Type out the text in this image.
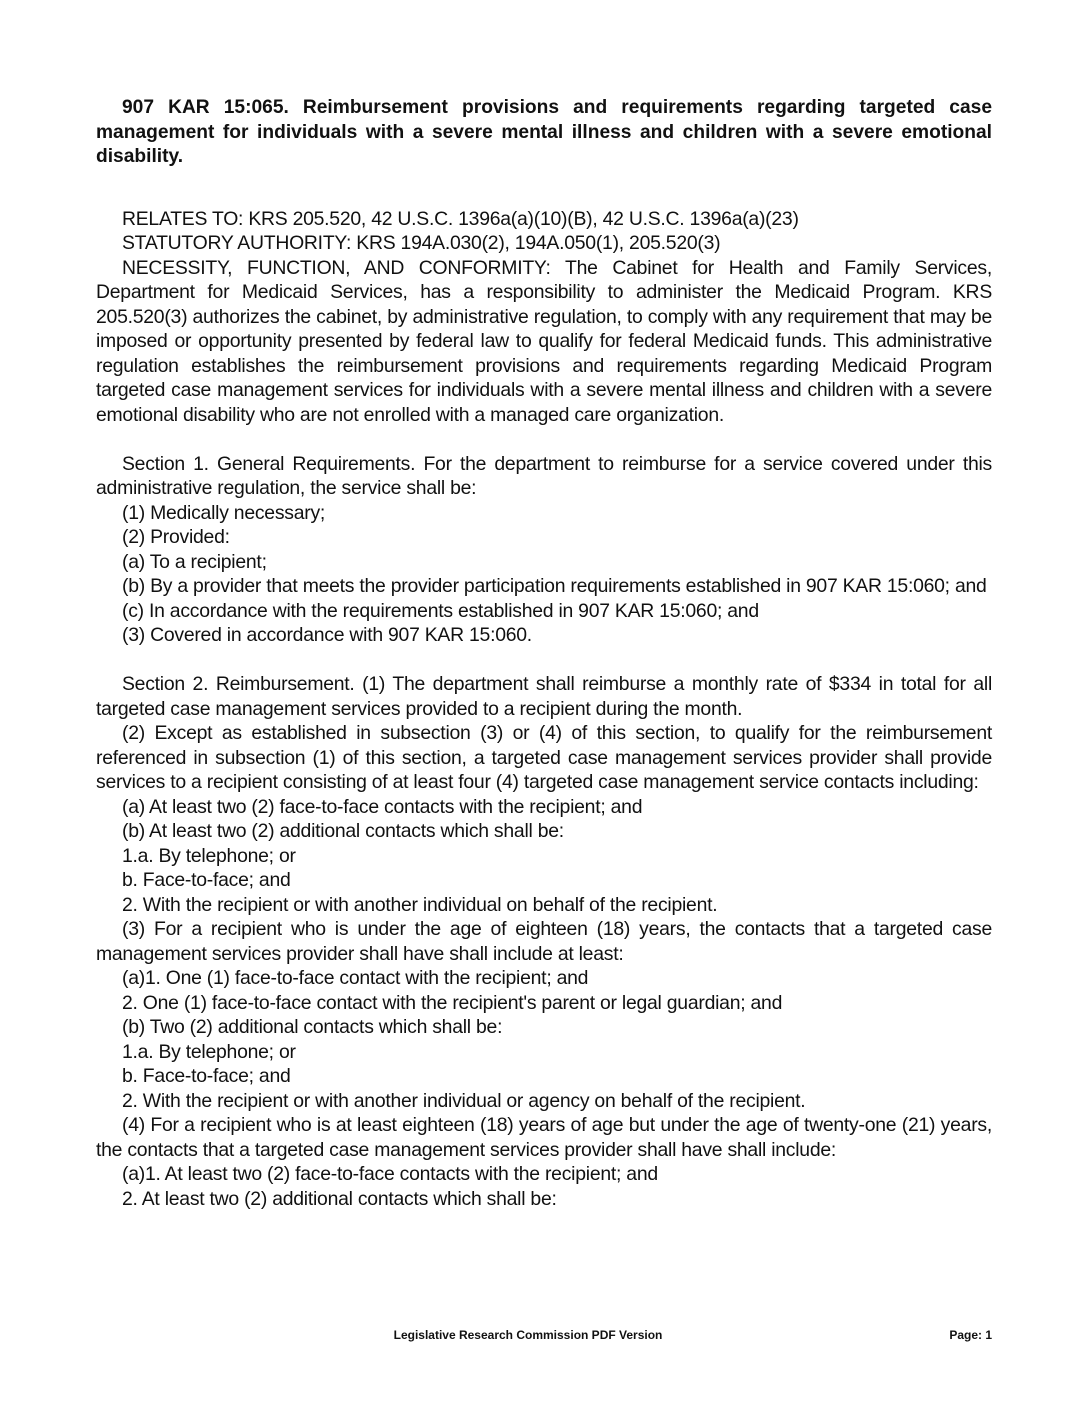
907 KAR 15:065. Reimbursement provisions and requirements regarding targeted case management for individuals with a severe mental illness and children with a severe emotional disability.

RELATES TO: KRS 205.520, 42 U.S.C. 1396a(a)(10)(B), 42 U.S.C. 1396a(a)(23)

STATUTORY AUTHORITY: KRS 194A.030(2), 194A.050(1), 205.520(3)

NECESSITY, FUNCTION, AND CONFORMITY: The Cabinet for Health and Family Services, Department for Medicaid Services, has a responsibility to administer the Medicaid Program. KRS 205.520(3) authorizes the cabinet, by administrative regulation, to comply with any requirement that may be imposed or opportunity presented by federal law to qualify for federal Medicaid funds. This administrative regulation establishes the reimbursement provisions and requirements regarding Medicaid Program targeted case management services for individuals with a severe mental illness and children with a severe emotional disability who are not enrolled with a managed care organization.

Section 1. General Requirements. For the department to reimburse for a service covered under this administrative regulation, the service shall be:

(1) Medically necessary;

(2) Provided:

(a) To a recipient;

(b) By a provider that meets the provider participation requirements established in 907 KAR 15:060; and

(c) In accordance with the requirements established in 907 KAR 15:060; and

(3) Covered in accordance with 907 KAR 15:060.

Section 2. Reimbursement. (1) The department shall reimburse a monthly rate of $334 in total for all targeted case management services provided to a recipient during the month.

(2) Except as established in subsection (3) or (4) of this section, to qualify for the reimbursement referenced in subsection (1) of this section, a targeted case management services provider shall provide services to a recipient consisting of at least four (4) targeted case management service contacts including:

(a) At least two (2) face-to-face contacts with the recipient; and

(b) At least two (2) additional contacts which shall be:

1.a. By telephone; or

b. Face-to-face; and

2. With the recipient or with another individual on behalf of the recipient.

(3) For a recipient who is under the age of eighteen (18) years, the contacts that a targeted case management services provider shall have shall include at least:

(a)1. One (1) face-to-face contact with the recipient; and

2. One (1) face-to-face contact with the recipient's parent or legal guardian; and

(b) Two (2) additional contacts which shall be:

1.a. By telephone; or

b. Face-to-face; and

2. With the recipient or with another individual or agency on behalf of the recipient.

(4) For a recipient who is at least eighteen (18) years of age but under the age of twenty-one (21) years, the contacts that a targeted case management services provider shall have shall include:

(a)1. At least two (2) face-to-face contacts with the recipient; and

2. At least two (2) additional contacts which shall be:

Legislative Research Commission PDF Version	Page: 1
